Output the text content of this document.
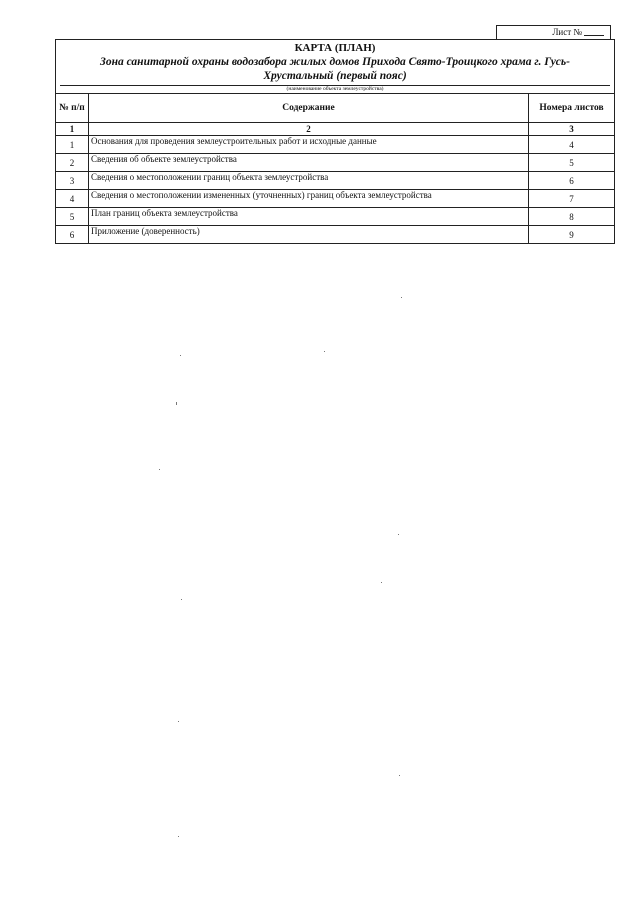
Лист №
КАРТА (ПЛАН)
Зона санитарной охраны водозабора жилых домов Прихода Свято-Троицкого храма г. Гусь-
Хрустальный (первый пояс)
(наименование объекта землеустройства)		

№ п/п	Содержание	Номера листов
1	2	3
1	Основания для проведения землеустроительных работ и исходные данные	4
2	Сведения об объекте землеустройства	5
3	Сведения о местоположении границ объекта землеустройства	6
4	Сведения о местоположении измененных (уточненных) границ объекта землеустройства	7
5	План границ объекта землеустройства	8
6	Приложение (доверенность)	9
